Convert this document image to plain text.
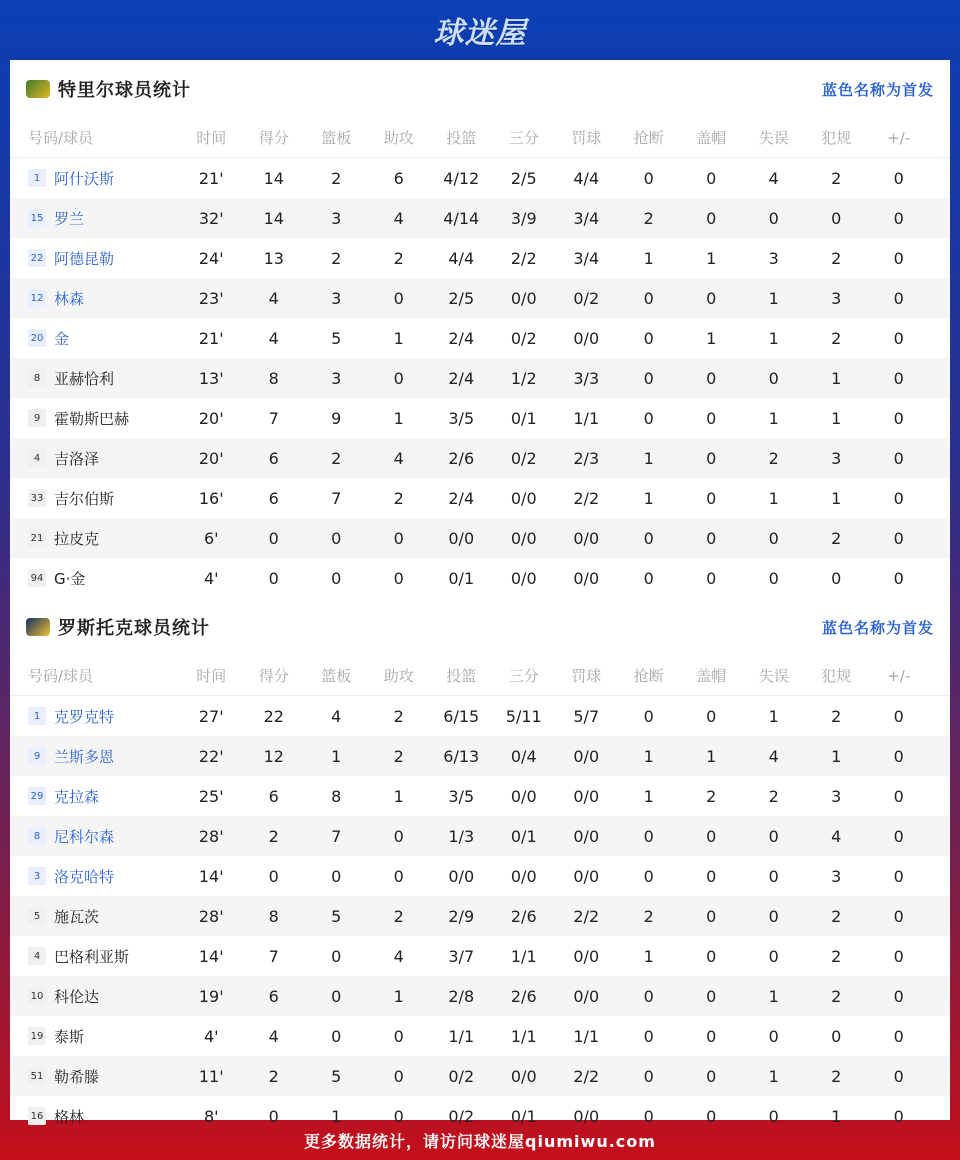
球迷屋
特里尔球员统计	蓝色名称为首发
号码/球员	时间	得分	篮板	助攻	投篮	三分	罚球	抢断	盖帽	失误	犯规	+/-
1 阿什沃斯	21'	14	2	6	4/12	2/5	4/4	0	0	4	2	0
15 罗兰	32'	14	3	4	4/14	3/9	3/4	2	0	0	0	0
22 阿德昆勒	24'	13	2	2	4/4	2/2	3/4	1	1	3	2	0
12 林森	23'	4	3	0	2/5	0/0	0/2	0	0	1	3	0
20 金	21'	4	5	1	2/4	0/2	0/0	0	1	1	2	0
8 亚赫恰利	13'	8	3	0	2/4	1/2	3/3	0	0	0	1	0
9 霍勒斯巴赫	20'	7	9	1	3/5	0/1	1/1	0	0	1	1	0
4 吉洛泽	20'	6	2	4	2/6	0/2	2/3	1	0	2	3	0
33 吉尔伯斯	16'	6	7	2	2/4	0/0	2/2	1	0	1	1	0
21 拉皮克	6'	0	0	0	0/0	0/0	0/0	0	0	0	2	0
94 G·金	4'	0	0	0	0/1	0/0	0/0	0	0	0	0	0
罗斯托克球员统计	蓝色名称为首发
号码/球员	时间	得分	篮板	助攻	投篮	三分	罚球	抢断	盖帽	失误	犯规	+/-
1 克罗克特	27'	22	4	2	6/15	5/11	5/7	0	0	1	2	0
9 兰斯多恩	22'	12	1	2	6/13	0/4	0/0	1	1	4	1	0
29 克拉森	25'	6	8	1	3/5	0/0	0/0	1	2	2	3	0
8 尼科尔森	28'	2	7	0	1/3	0/1	0/0	0	0	0	4	0
3 洛克哈特	14'	0	0	0	0/0	0/0	0/0	0	0	0	3	0
5 施瓦茨	28'	8	5	2	2/9	2/6	2/2	2	0	0	2	0
4 巴格利亚斯	14'	7	0	4	3/7	1/1	0/0	1	0	0	2	0
10 科伦达	19'	6	0	1	2/8	2/6	0/0	0	0	1	2	0
19 泰斯	4'	4	0	0	1/1	1/1	1/1	0	0	0	0	0
51 勒希滕	11'	2	5	0	0/2	0/0	2/2	0	0	1	2	0
16 格林	8'	0	1	0	0/2	0/1	0/0	0	0	0	1	0
更多数据统计，请访问球迷屋qiumiwu.com
